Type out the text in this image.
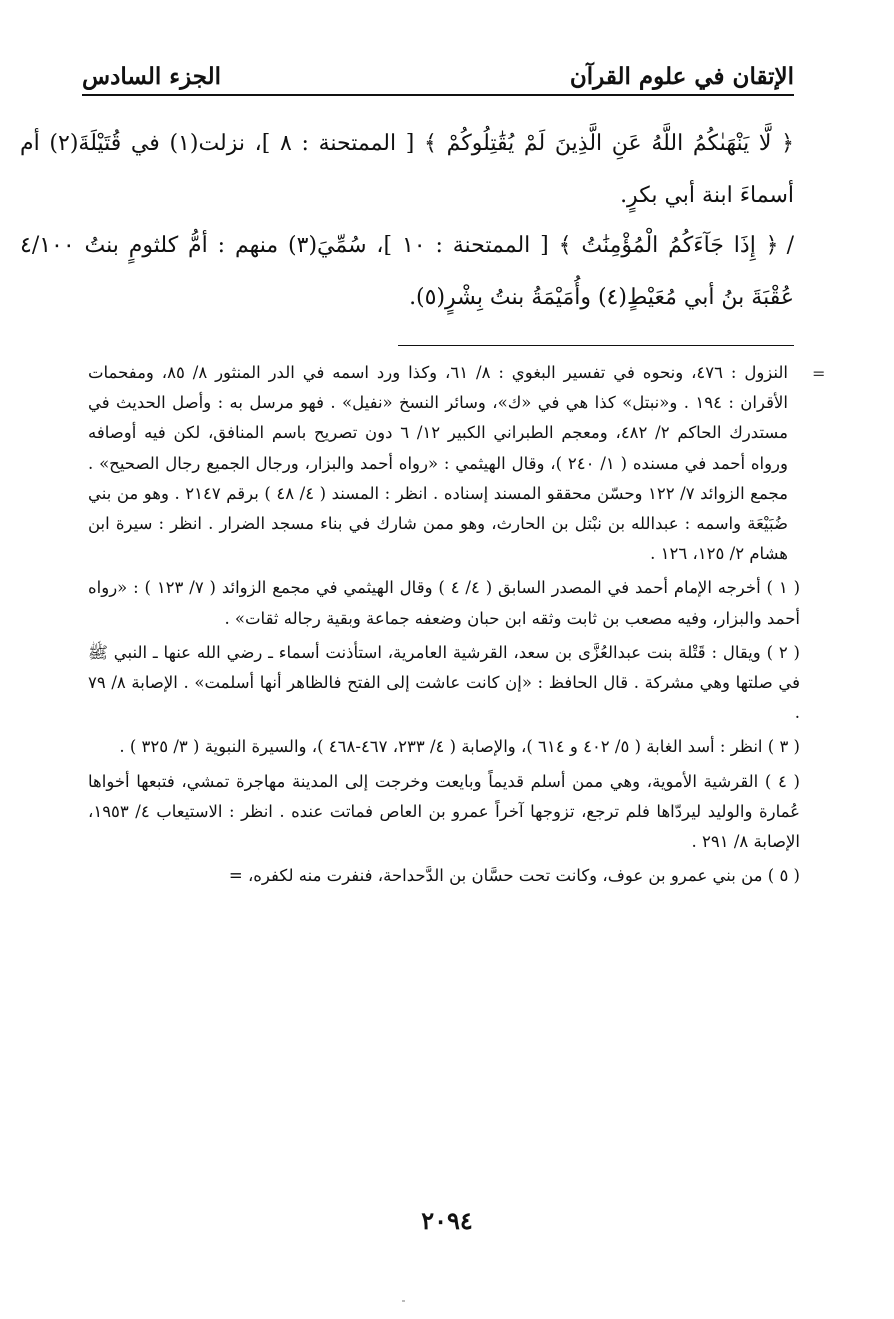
الإتقان في علوم القرآن
الجزء السادس

﴿ لَّا يَنْهَىٰكُمُ اللَّهُ عَنِ الَّذِينَ لَمْ يُقَٰتِلُوكُمْ ﴾ [ الممتحنة : ٨ ]، نزلت(١) في قُتَيْلَةَ(٢) أم أسماءَ ابنة أبي بكرٍ.

/﴿ إِذَا جَآءَكُمُ الْمُؤْمِنَٰتُ ﴾ [ الممتحنة : ١٠ ]، سُمِّيَ(٣) منهم : أمُّ كلثومٍ بنتُ ٤/١٠٠ عُقْبَةَ بنُ أبي مُعَيْطٍ(٤) وأُمَيْمَةُ بنتُ بِشْرٍ(٥).

=

النزول : ٤٧٦، ونحوه في تفسير البغوي : ٨/ ٦١، وكذا ورد اسمه في الدر المنثور ٨/ ٨٥، ومفحمات الأقران : ١٩٤ . و«نبتل» كذا هي في «ك»، وسائر النسخ «نفيل» . فهو مرسل به : وأصل الحديث في مستدرك الحاكم ٢/ ٤٨٢، ومعجم الطبراني الكبير ١٢/ ٦ دون تصريح باسم المنافق، لكن فيه أوصافه ورواه أحمد في مسنده ( ١/ ٢٤٠ )، وقال الهيثمي : «رواه أحمد والبزار، ورجال الجميع رجال الصحيح» . مجمع الزوائد ٧/ ١٢٢ وحسّن محققو المسند إسناده . انظر : المسند ( ٤/ ٤٨ ) برقم ٢١٤٧ . وهو من بني ضُبَيْعَة واسمه : عبدالله بن نبْتل بن الحارث، وهو ممن شارك في بناء مسجد الضرار . انظر : سيرة ابن هشام ٢/ ١٢٥، ١٢٦ .

( ١ ) أخرجه الإمام أحمد في المصدر السابق ( ٤/ ٤ ) وقال الهيثمي في مجمع الزوائد ( ٧/ ١٢٣ ) : «رواه أحمد والبزار، وفيه مصعب بن ثابت وثقه ابن حبان وضعفه جماعة وبقية رجاله ثقات» .

( ٢ ) ويقال : قَتْلة بنت عبدالعُزَّى بن سعد، القرشية العامرية، استأذنت أسماء ـ رضي الله عنها ـ النبي ﷺ في صلتها وهي مشركة . قال الحافظ : «إن كانت عاشت إلى الفتح فالظاهر أنها أسلمت» . الإصابة ٨/ ٧٩ .

( ٣ ) انظر : أسد الغابة ( ٥/ ٤٠٢ و ٦١٤ )، والإصابة ( ٤/ ٢٣٣، ٤٦٧-٤٦٨ )، والسيرة النبوية ( ٣/ ٣٢٥ ) .

( ٤ ) القرشية الأموية، وهي ممن أسلم قديماً وبايعت وخرجت إلى المدينة مهاجرة تمشي، فتبعها أخواها عُمارة والوليد ليردّاها فلم ترجع، تزوجها آخراً عمرو بن العاص فماتت عنده . انظر : الاستيعاب ٤/ ١٩٥٣، الإصابة ٨/ ٢٩١ .

( ٥ ) من بني عمرو بن عوف، وكانت تحت حسَّان بن الدَّحداحة، فنفرت منه لكفره، =

٢٠٩٤
